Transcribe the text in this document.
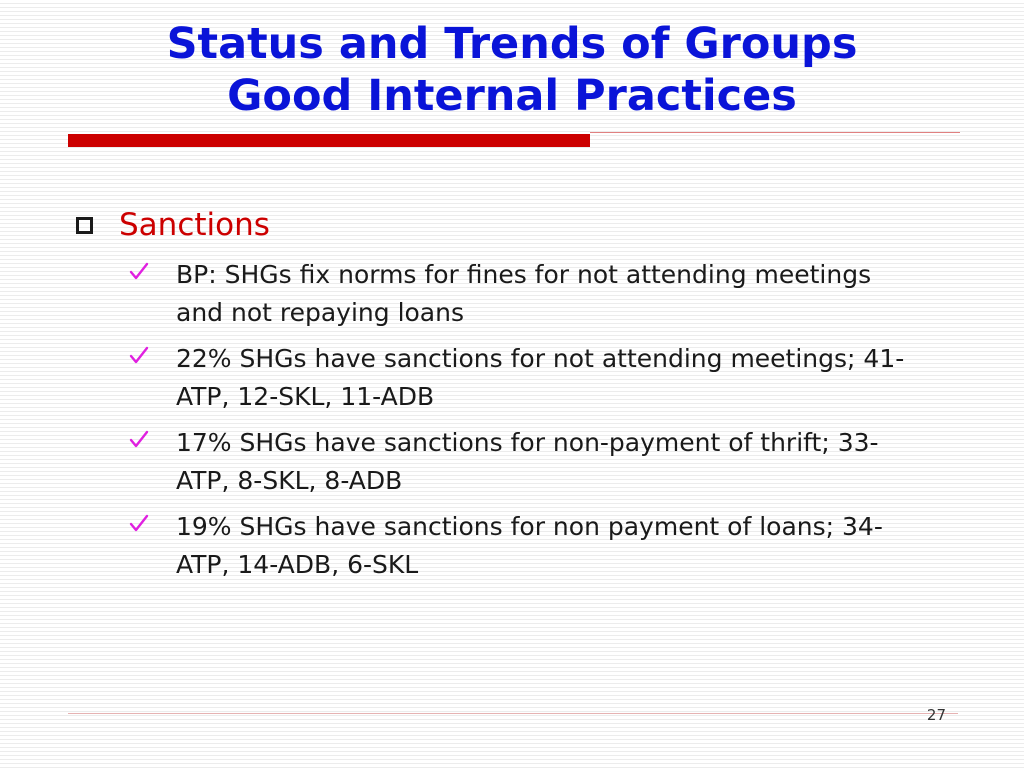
Status and Trends of Groups
Good Internal Practices
Sanctions
BP: SHGs fix norms for fines for not attending meetings and not repaying loans
22% SHGs have sanctions for not attending meetings; 41-ATP, 12-SKL, 11-ADB
17% SHGs have sanctions for non-payment of thrift; 33-ATP, 8-SKL, 8-ADB
19% SHGs have sanctions for non payment of loans; 34-ATP, 14-ADB, 6-SKL
27
